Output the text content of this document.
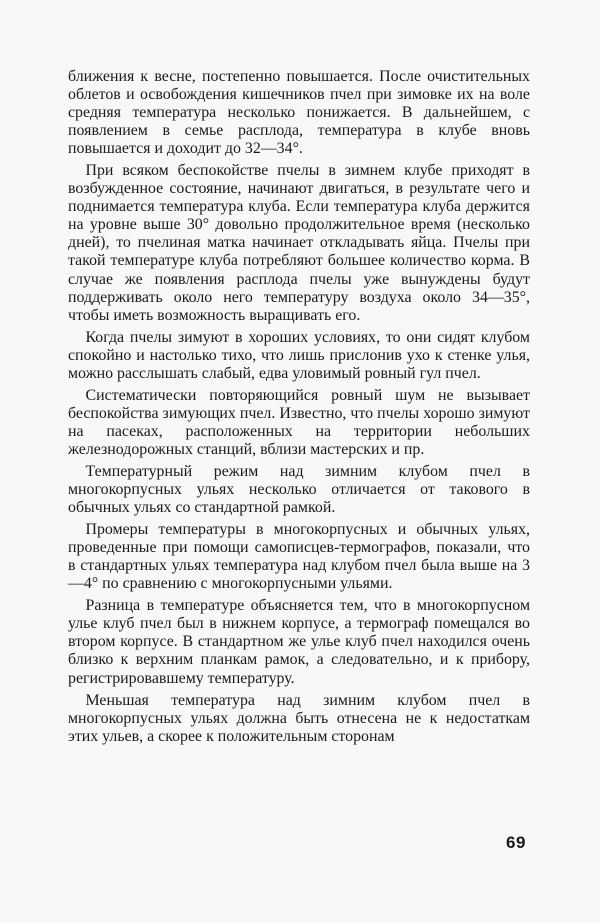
ближения к весне, постепенно повышается. После очистительных облетов и освобождения кишечников пчел при зимовке их на воле средняя температура несколько понижается. В дальнейшем, с появлением в семье расплода, температура в клубе вновь повышается и доходит до 32—34°.

При всяком беспокойстве пчелы в зимнем клубе приходят в возбужденное состояние, начинают двигаться, в результате чего и поднимается температура клуба. Если температура клуба держится на уровне выше 30° довольно продолжительное время (несколько дней), то пчелиная матка начинает откладывать яйца. Пчелы при такой температуре клуба потребляют большее количество корма. В случае же появления расплода пчелы уже вынуждены будут поддерживать около него температуру воздуха около 34—35°, чтобы иметь возможность выращивать его.

Когда пчелы зимуют в хороших условиях, то они сидят клубом спокойно и настолько тихо, что лишь прислонив ухо к стенке улья, можно расслышать слабый, едва уловимый ровный гул пчел.

Систематически повторяющийся ровный шум не вызывает беспокойства зимующих пчел. Известно, что пчелы хорошо зимуют на пасеках, расположенных на территории небольших железнодорожных станций, вблизи мастерских и пр.

Температурный режим над зимним клубом пчел в многокорпусных ульях несколько отличается от такового в обычных ульях со стандартной рамкой.

Промеры температуры в многокорпусных и обычных ульях, проведенные при помощи самописцев-термографов, показали, что в стандартных ульях температура над клубом пчел была выше на 3—4° по сравнению с многокорпусными ульями.

Разница в температуре объясняется тем, что в многокорпусном улье клуб пчел был в нижнем корпусе, а термограф помещался во втором корпусе. В стандартном же улье клуб пчел находился очень близко к верхним планкам рамок, а следовательно, и к прибору, регистрировавшему температуру.

Меньшая температура над зимним клубом пчел в многокорпусных ульях должна быть отнесена не к недостаткам этих ульев, а скорее к положительным сторонам

69
